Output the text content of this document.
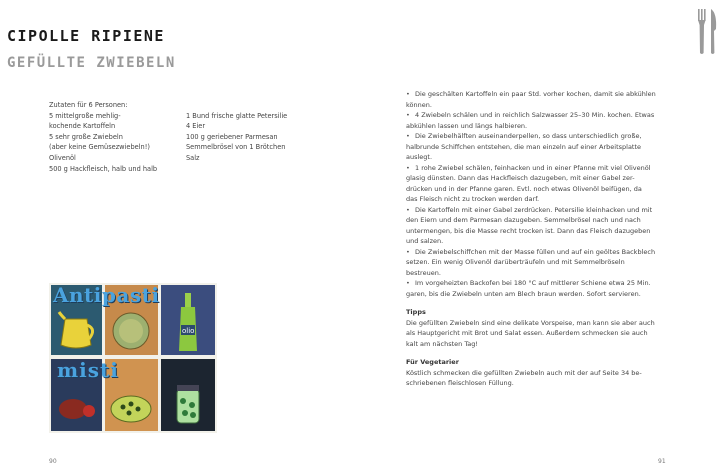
CIPOLLE RIPIENE
GEFÜLLTE ZWIEBELN
Zutaten für 6 Personen:
5 mittelgroße mehlig-
kochende Kartoffeln
5 sehr große Zwiebeln
(aber keine Gemüsezwiebeln!)
Olivenöl
500 g Hackfleisch, halb und halb

1 Bund frische glatte Petersilie
4 Eier
100 g geriebener Parmesan
Semmelbrösel von 1 Brötchen
Salz
olio
Antipasti
misti
90	91
• Die geschälten Kartoffeln ein paar Std. vorher kochen, damit sie abkühlen
können.
• 4 Zwiebeln schälen und in reichlich Salzwasser 25–30 Min. kochen. Etwas
abkühlen lassen und längs halbieren.
• Die Zwiebelhälften auseinanderpellen, so dass unterschiedlich große,
halbrunde Schiffchen entstehen, die man einzeln auf einer Arbeitsplatte
auslegt.
• 1 rohe Zwiebel schälen, feinhacken und in einer Pfanne mit viel Olivenöl
glasig dünsten. Dann das Hackfleisch dazugeben, mit einer Gabel zer-
drücken und in der Pfanne garen. Evtl. noch etwas Olivenöl beifügen, da
das Fleisch nicht zu trocken werden darf.
• Die Kartoffeln mit einer Gabel zerdrücken. Petersilie kleinhacken und mit
den Eiern und dem Parmesan dazugeben. Semmelbrösel nach und nach
untermengen, bis die Masse recht trocken ist. Dann das Fleisch dazugeben
und salzen.
• Die Zwiebelschiffchen mit der Masse füllen und auf ein geöltes Backblech
setzen. Ein wenig Olivenöl darüberträufeln und mit Semmelbröseln
bestreuen.
• Im vorgeheizten Backofen bei 180 °C auf mittlerer Schiene etwa 25 Min.
garen, bis die Zwiebeln unten am Blech braun werden. Sofort servieren.
Tipps
Die gefüllten Zwiebeln sind eine delikate Vorspeise, man kann sie aber auch
als Hauptgericht mit Brot und Salat essen. Außerdem schmecken sie auch
kalt am nächsten Tag!
Für Vegetarier
Köstlich schmecken die gefüllten Zwiebeln auch mit der auf Seite 34 be-
schriebenen fleischlosen Füllung.
